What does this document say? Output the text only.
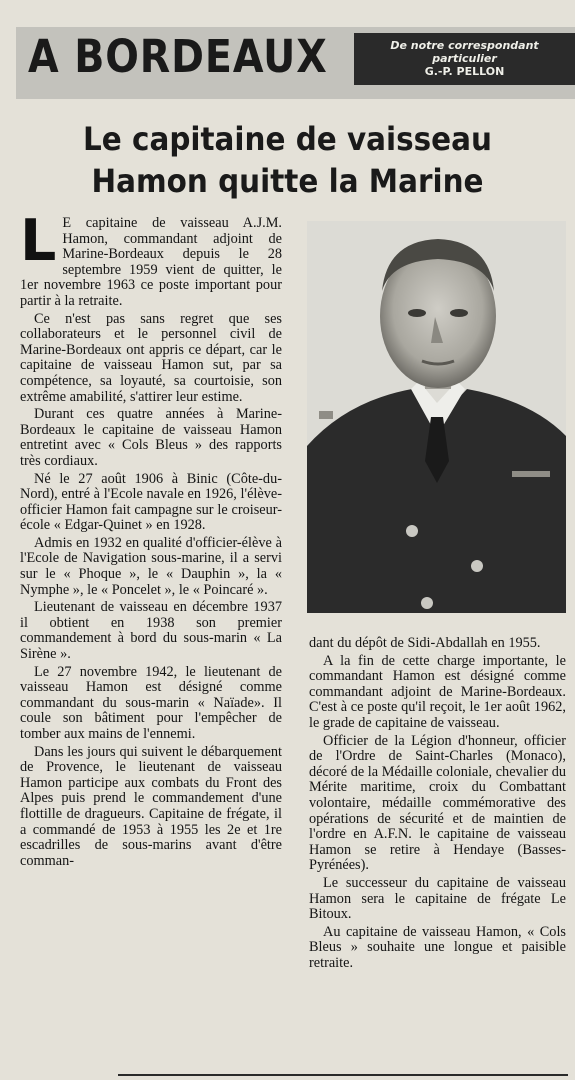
A BORDEAUX	De notre correspondant
particulier
G.-P. PELLON
Le capitaine de vaisseau
Hamon quitte la Marine

L E capitaine de vaisseau A.J.M. Hamon, commandant adjoint de Marine-Bordeaux depuis le 28 septembre 1959 vient de quitter, le 1er novembre 1963 ce poste important pour partir à la retraite.

Ce n'est pas sans regret que ses collaborateurs et le personnel civil de Marine-Bordeaux ont appris ce départ, car le capitaine de vaisseau Hamon sut, par sa compétence, sa loyauté, sa courtoisie, son extrême amabilité, s'attirer leur estime.

Durant ces quatre années à Marine-Bordeaux le capitaine de vaisseau Hamon entretint avec « Cols Bleus » des rapports très cordiaux.

Né le 27 août 1906 à Binic (Côte-du-Nord), entré à l'Ecole navale en 1926, l'élève-officier Hamon fait campagne sur le croiseur-école « Edgar-Quinet » en 1928.

Admis en 1932 en qualité d'officier-élève à l'Ecole de Navigation sous-marine, il a servi sur le « Phoque », le « Dauphin », la « Nymphe », le « Poncelet », le « Poincaré ».

Lieutenant de vaisseau en décembre 1937 il obtient en 1938 son premier commandement à bord du sous-marin « La Sirène ».

Le 27 novembre 1942, le lieutenant de vaisseau Hamon est désigné comme commandant du sous-marin « Naïade». Il coule son bâtiment pour l'empêcher de tomber aux mains de l'ennemi.

Dans les jours qui suivent le débarquement de Provence, le lieutenant de vaisseau Hamon participe aux combats du Front des Alpes puis prend le commandement d'une flottille de dragueurs. Capitaine de frégate, il a commandé de 1953 à 1955 les 2e et 1re escadrilles de sous-marins avant d'être comman-

dant du dépôt de Sidi-Abdallah en 1955.

A la fin de cette charge importante, le commandant Hamon est désigné comme commandant adjoint de Marine-Bordeaux. C'est à ce poste qu'il reçoit, le 1er août 1962, le grade de capitaine de vaisseau.

Officier de la Légion d'honneur, officier de l'Ordre de Saint-Charles (Monaco), décoré de la Médaille coloniale, chevalier du Mérite maritime, croix du Combattant volontaire, médaille commémorative des opérations de sécurité et de maintien de l'ordre en A.F.N. le capitaine de vaisseau Hamon se retire à Hendaye (Basses-Pyrénées).

Le successeur du capitaine de vaisseau Hamon sera le capitaine de frégate Le Bitoux.

Au capitaine de vaisseau Hamon, « Cols Bleus » souhaite une longue et paisible retraite.
